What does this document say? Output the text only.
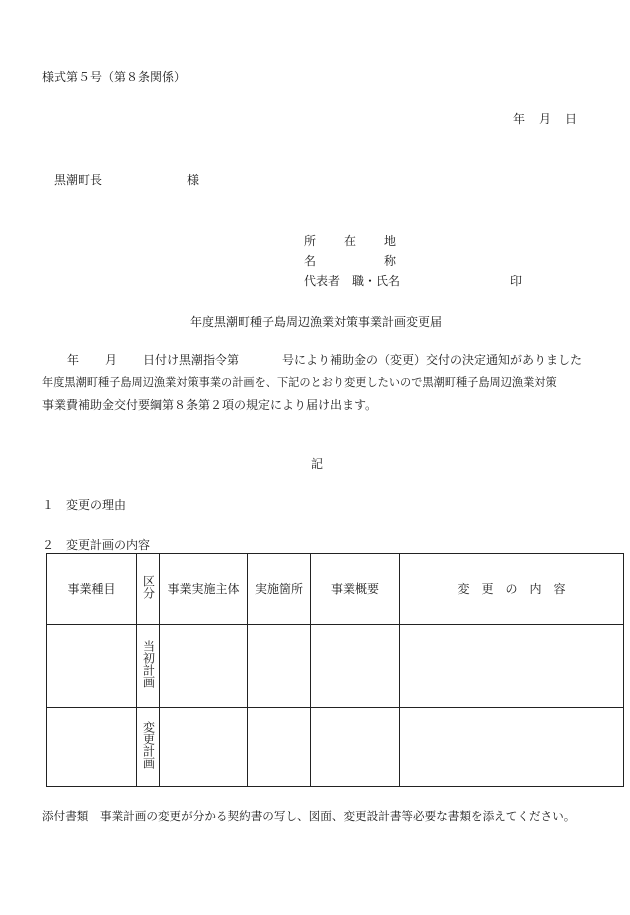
様式第５号（第８条関係）
年 月 日
黒潮町長	様
所 在 地
名	称
代表者　職・氏名	印
年度黒潮町種子島周辺漁業対策事業計画変更届
年 月 日付け黒潮指令第	号により補助金の（変更）交付の決定通知がありました
年度黒潮町種子島周辺漁業対策事業の計画を、下記のとおり変更したいので黒潮町種子島周辺漁業対策
事業費補助金交付要綱第８条第２項の規定により届け出ます。
記
１　変更の理由
２　変更計画の内容
事業種目	区分	事業実施主体	実施箇所	事業概要	変　更　の　内　容
	当初計画				
	変更計画				
添付書類　事業計画の変更が分かる契約書の写し、図面、変更設計書等必要な書類を添えてください。
